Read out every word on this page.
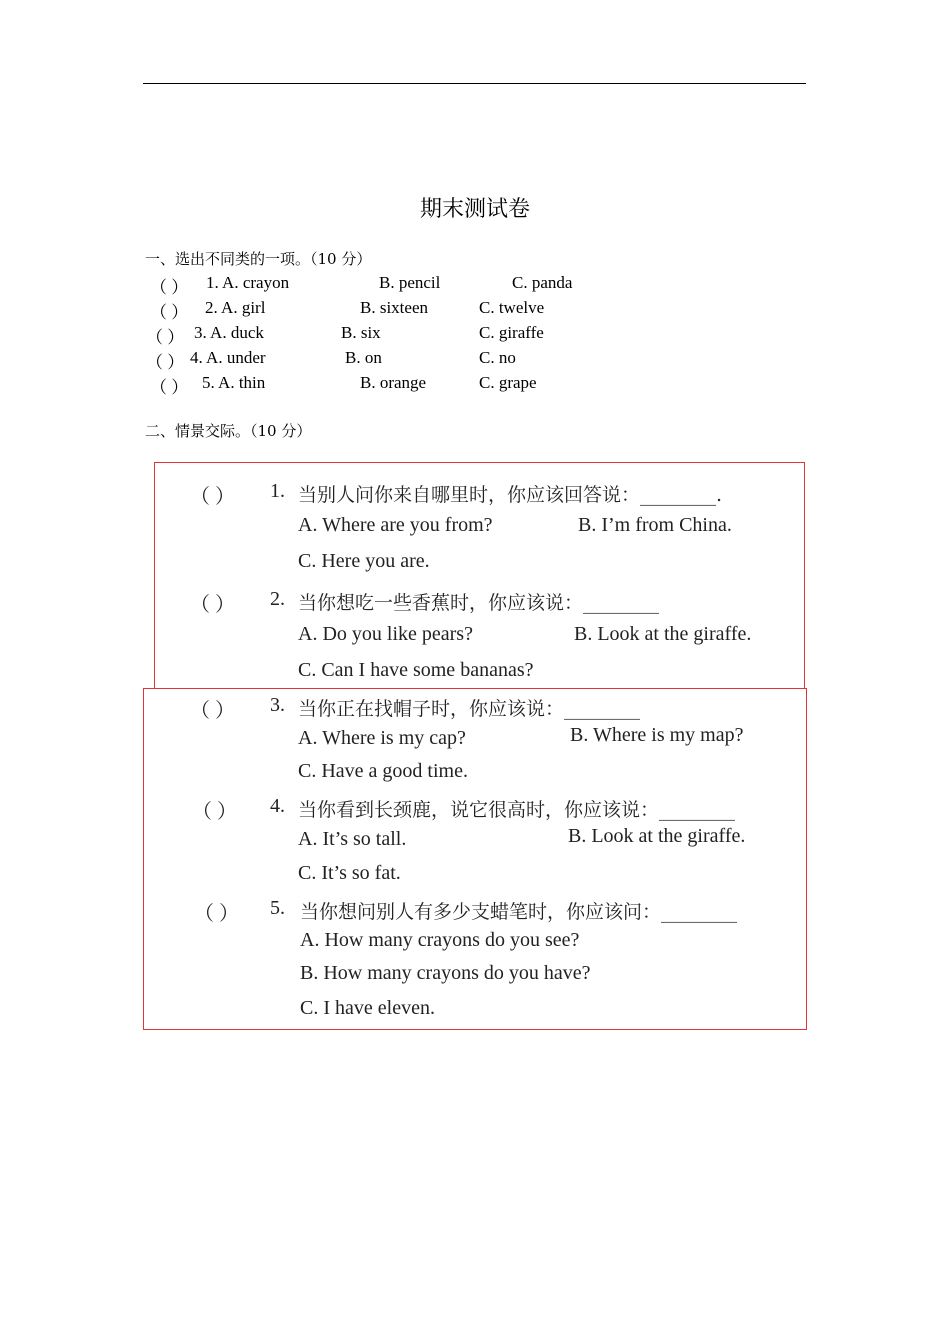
期末测试卷
一、选出不同类的一项。（10 分）
（ ） 1. A. crayon	B. pencil	C. panda
（ ） 2. A. girl	B. sixteen	C. twelve
（ ） 3. A. duck	B. six	C. giraffe
（ ） 4. A. under	B. on	C. no
（ ） 5. A. thin	B. orange	C. grape
二、情景交际。（10 分）
（ ） 1. 当别人问你来自哪里时，你应该回答说：________.
A. Where are you from?	B. I’m from China.
C. Here you are.
（ ） 2. 当你想吃一些香蕉时，你应该说：________
A. Do you like pears?	B. Look at the giraffe.
C. Can I have some bananas?
（ ） 3. 当你正在找帽子时，你应该说：________
A. Where is my cap?	B. Where is my map?
C. Have a good time.
（ ） 4. 当你看到长颈鹿，说它很高时，你应该说：________
A. It’s so tall.	B. Look at the giraffe.
C. It’s so fat.
（ ） 5. 当你想问别人有多少支蜡笔时，你应该问：________
A. How many crayons do you see?
B. How many crayons do you have?
C. I have eleven.
